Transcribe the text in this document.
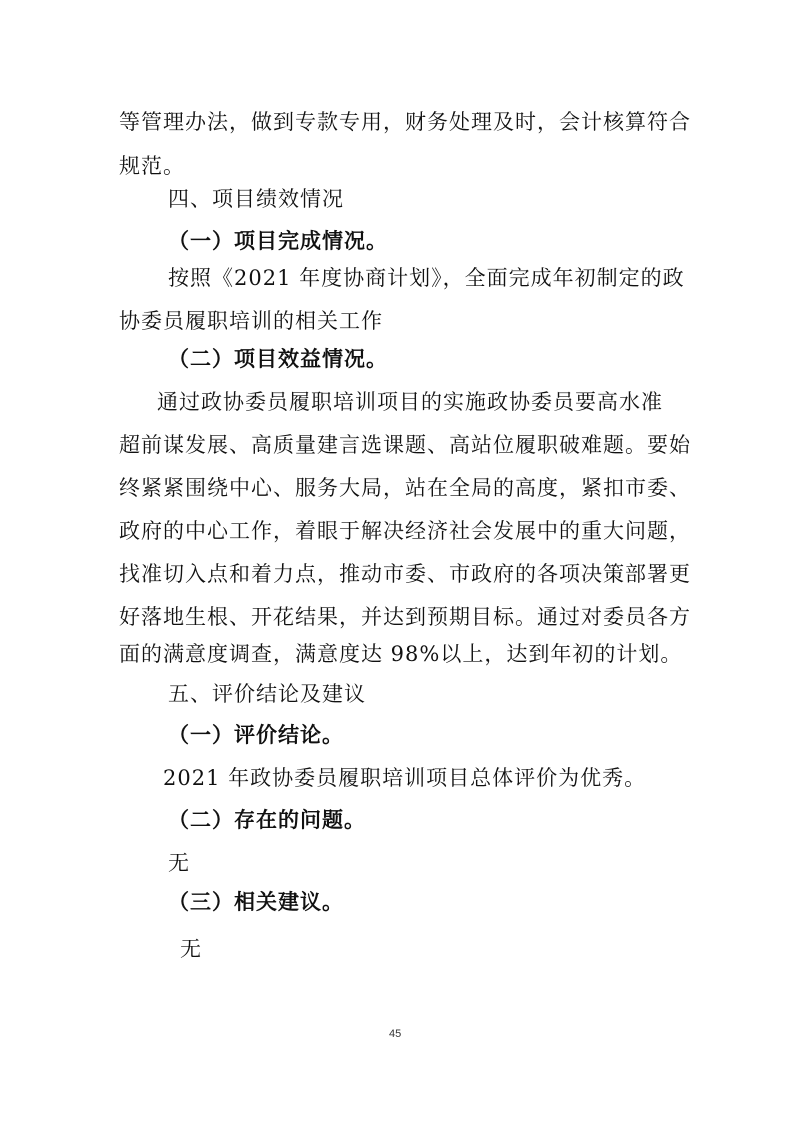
等管理办法，做到专款专用，财务处理及时，会计核算符合
规范。
四、项目绩效情况
（一）项目完成情况。
按照《2021 年度协商计划》，全面完成年初制定的政
协委员履职培训的相关工作
（二）项目效益情况。
通过政协委员履职培训项目的实施政协委员要高水准
超前谋发展、高质量建言选课题、高站位履职破难题。要始
终紧紧围绕中心、服务大局，站在全局的高度，紧扣市委、
政府的中心工作，着眼于解决经济社会发展中的重大问题，
找准切入点和着力点，推动市委、市政府的各项决策部署更
好落地生根、开花结果，并达到预期目标。通过对委员各方
面的满意度调查，满意度达 98%以上，达到年初的计划。
五、评价结论及建议
（一）评价结论。
2021 年政协委员履职培训项目总体评价为优秀。
（二）存在的问题。
无
（三）相关建议。
无
45
